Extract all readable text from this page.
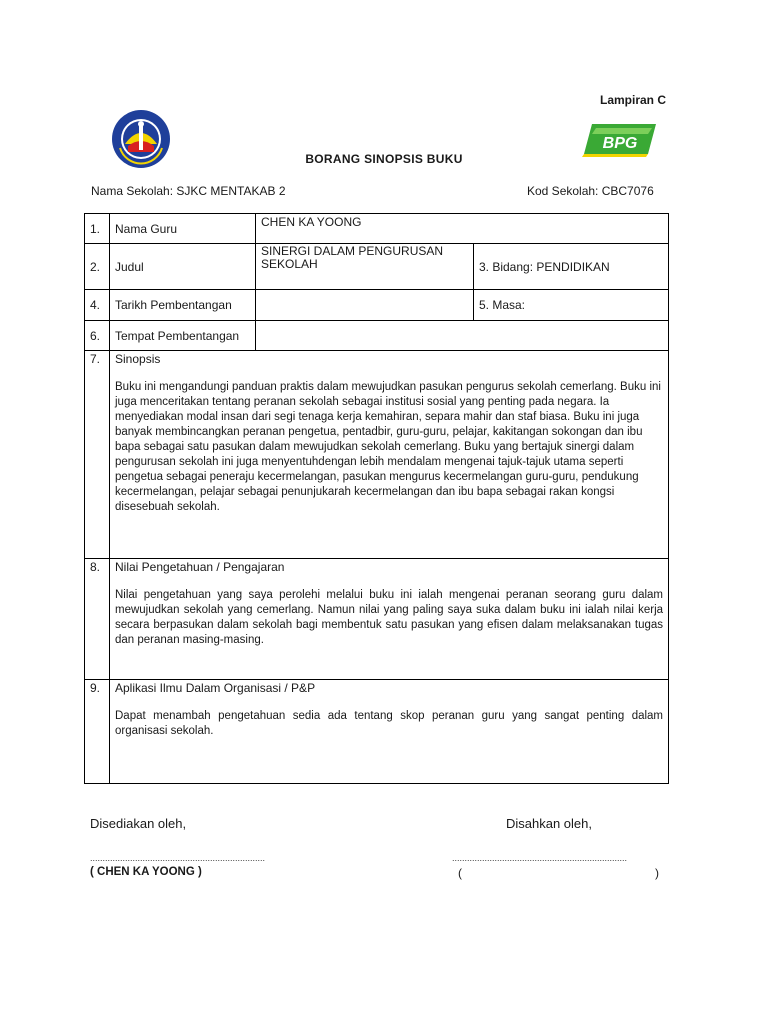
Lampiran C
BPG
BORANG SINOPSIS BUKU
Nama Sekolah: SJKC MENTAKAB 2	Kod Sekolah: CBC7076
1.	Nama Guru	CHEN KA YOONG	
2.	Judul	SINERGI DALAM PENGURUSAN SEKOLAH	3. Bidang: PENDIDIKAN
4.	Tarikh Pembentangan		5. Masa:
6.	Tempat Pembentangan		
7.	Sinopsis

Buku ini mengandungi panduan praktis dalam mewujudkan pasukan pengurus sekolah cemerlang. Buku ini juga menceritakan tentang peranan sekolah sebagai institusi sosial yang penting pada negara. Ia menyediakan modal insan dari segi tenaga kerja kemahiran, separa mahir dan staf biasa. Buku ini juga banyak membincangkan peranan pengetua, pentadbir, guru-guru, pelajar, kakitangan sokongan dan ibu bapa sebagai satu pasukan dalam mewujudkan sekolah cemerlang. Buku yang bertajuk sinergi dalam pengurusan sekolah ini juga menyentuhdengan lebih mendalam mengenai tajuk-tajuk utama seperti pengetua sebagai peneraju kecermelangan, pasukan mengurus kecermelangan guru-guru, pendukung kecermelangan, pelajar sebagai penunjukarah kecermelangan dan ibu bapa sebagai rakan kongsi disesebuah sekolah.		

8.	Nilai Pengetahuan / Pengajaran

Nilai pengetahuan yang saya perolehi melalui buku ini ialah mengenai peranan seorang guru dalam mewujudkan sekolah yang cemerlang. Namun nilai yang paling saya suka dalam buku ini ialah nilai kerja secara berpasukan dalam sekolah bagi membentuk satu pasukan yang efisen dalam melaksanakan tugas dan peranan masing-masing.		

9.	Aplikasi Ilmu Dalam Organisasi / P&P

Dapat menambah pengetahuan sedia ada tentang skop peranan guru yang sangat penting dalam organisasi sekolah.		

Disediakan oleh,	Disahkan oleh,
......................................................................	......................................................................
( CHEN KA YOONG )	(	)
